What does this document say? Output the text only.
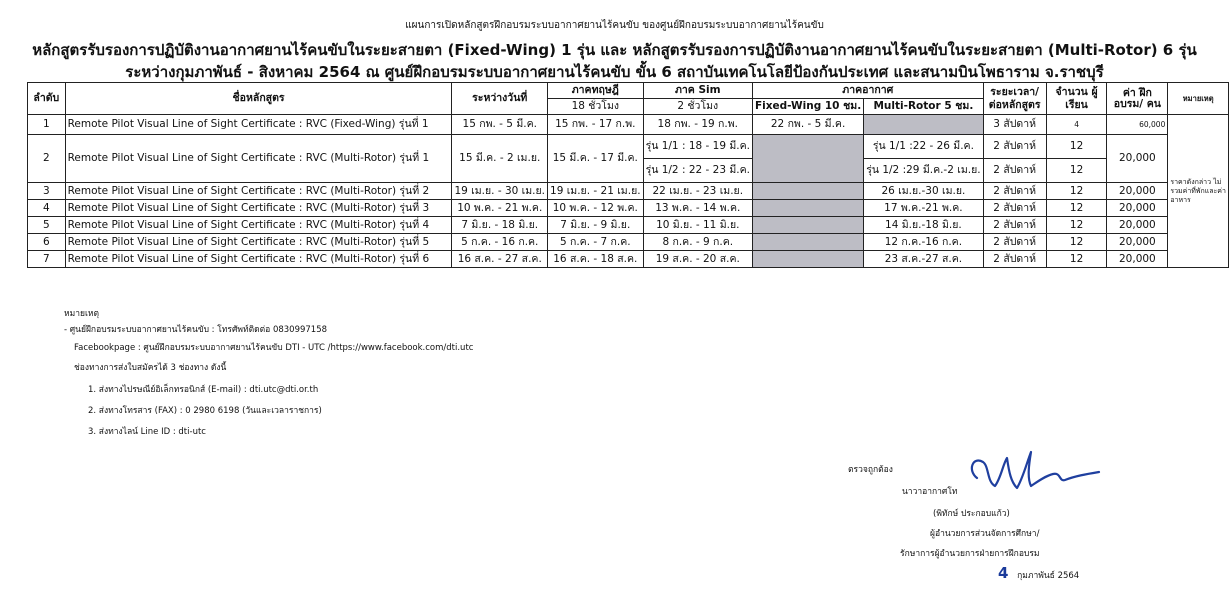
แผนการเปิดหลักสูตรฝึกอบรมระบบอากาศยานไร้คนขับ ของศูนย์ฝึกอบรมระบบอากาศยานไร้คนขับ
หลักสูตรรับรองการปฏิบัติงานอากาศยานไร้คนขับในระยะสายตา (Fixed-Wing) 1 รุ่น และ หลักสูตรรับรองการปฏิบัติงานอากาศยานไร้คนขับในระยะสายตา (Multi-Rotor) 6 รุ่น
ระหว่างกุมภาพันธ์ - สิงหาคม 2564 ณ ศูนย์ฝึกอบรมระบบอากาศยานไร้คนขับ ขั้น 6 สถาบันเทคโนโลยีป้องกันประเทศ และสนามบินโพธาราม จ.ราชบุรี
ลำดับ	ชื่อหลักสูตร	ระหว่างวันที่	ภาคทฤษฎี	ภาค Sim	ภาคอากาศ		ระยะเวลา/ ต่อหลักสูตร	จำนวน ผู้เรียน	ค่า ฝึกอบรม/ คน	หมายเหตุ
			18 ชั่วโมง	2 ชั่วโมง	Fixed-Wing 10 ชม.	Multi-Rotor 5 ชม.				
1	Remote Pilot Visual Line of Sight Certificate : RVC (Fixed-Wing) รุ่นที่ 1	15 กพ. - 5 มี.ค.	15 กพ. - 17 ก.พ.	18 กพ. - 19 ก.พ.	22 กพ. - 5 มี.ค.		3 สัปดาห์	4	60,000	ราคาดังกล่าว ไม่รวมค่าที่พักและค่าอาหาร
2	Remote Pilot Visual Line of Sight Certificate : RVC (Multi-Rotor) รุ่นที่ 1	15 มี.ค. - 2 เม.ย.	15 มี.ค. - 17 มี.ค.	รุ่น 1/1 : 18 - 19 มี.ค.		รุ่น 1/1 :22 - 26 มี.ค.	2 สัปดาห์	12	20,000	
				รุ่น 1/2 : 22 - 23 มี.ค.		รุ่น 1/2 :29 มี.ค.-2 เม.ย.	2 สัปดาห์	12		
3	Remote Pilot Visual Line of Sight Certificate : RVC (Multi-Rotor) รุ่นที่ 2	19 เม.ย. - 30 เม.ย.	19 เม.ย. - 21 เม.ย.	22 เม.ย. - 23 เม.ย.		26 เม.ย.-30 เม.ย.	2 สัปดาห์	12	20,000	
4	Remote Pilot Visual Line of Sight Certificate : RVC (Multi-Rotor) รุ่นที่ 3	10 พ.ค. - 21 พ.ค.	10 พ.ค. - 12 พ.ค.	13 พ.ค. - 14 พ.ค.		17 พ.ค.-21 พ.ค.	2 สัปดาห์	12	20,000	
5	Remote Pilot Visual Line of Sight Certificate : RVC (Multi-Rotor) รุ่นที่ 4	7 มิ.ย. - 18 มิ.ย.	7 มิ.ย. - 9 มิ.ย.	10 มิ.ย. - 11 มิ.ย.		14 มิ.ย.-18 มิ.ย.	2 สัปดาห์	12	20,000	
6	Remote Pilot Visual Line of Sight Certificate : RVC (Multi-Rotor) รุ่นที่ 5	5 ก.ค. - 16 ก.ค.	5 ก.ค. - 7 ก.ค.	8 ก.ค. - 9 ก.ค.		12 ก.ค.-16 ก.ค.	2 สัปดาห์	12	20,000	
7	Remote Pilot Visual Line of Sight Certificate : RVC (Multi-Rotor) รุ่นที่ 6	16 ส.ค. - 27 ส.ค.	16 ส.ค. - 18 ส.ค.	19 ส.ค. - 20 ส.ค.		23 ส.ค.-27 ส.ค.	2 สัปดาห์	12	20,000	
หมายเหตุ
- ศูนย์ฝึกอบรมระบบอากาศยานไร้คนขับ : โทรศัพท์ติดต่อ 0830997158
Facebookpage : ศูนย์ฝึกอบรมระบบอากาศยานไร้คนขับ DTI - UTC /https://www.facebook.com/dti.utc
ช่องทางการส่งใบสมัครได้ 3 ช่องทาง ดังนี้
1. ส่งทางไปรษณีย์อิเล็กทรอนิกส์ (E-mail) : dti.utc@dti.or.th
2. ส่งทางโทรสาร (FAX) : 0 2980 6198 (วันและเวลาราชการ)
3. ส่งทางไลน์ Line ID : dti-utc
ตรวจถูกต้อง
นาวาอากาศโท
(พิทักษ์ ประกอบแก้ว)
ผู้อำนวยการส่วนจัดการศึกษา/
รักษาการผู้อำนวยการฝ่ายการฝึกอบรม
4 กุมภาพันธ์ 2564
